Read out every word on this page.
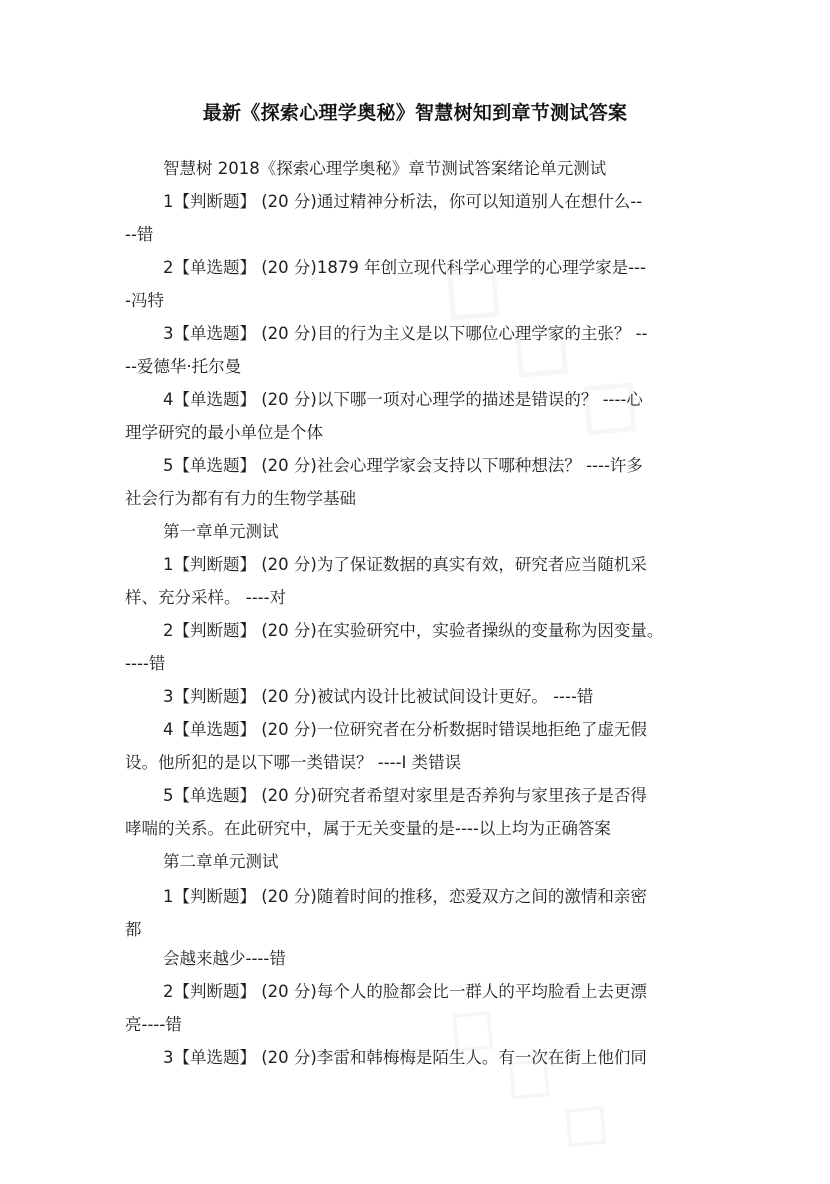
最新《探索心理学奥秘》智慧树知到章节测试答案
智慧树 2018《探索心理学奥秘》章节测试答案绪论单元测试
1【判断题】 (20 分)通过精神分析法，你可以知道别人在想什么--
--错
2【单选题】 (20 分)1879 年创立现代科学心理学的心理学家是---
-冯特
3【单选题】 (20 分)目的行为主义是以下哪位心理学家的主张？ --
--爱德华·托尔曼
4【单选题】 (20 分)以下哪一项对心理学的描述是错误的？ ----心
理学研究的最小单位是个体
5【单选题】 (20 分)社会心理学家会支持以下哪种想法？ ----许多
社会行为都有有力的生物学基础
第一章单元测试
1【判断题】 (20 分)为了保证数据的真实有效，研究者应当随机采
样、充分采样。 ----对
2【判断题】 (20 分)在实验研究中，实验者操纵的变量称为因变量。
----错
3【判断题】 (20 分)被试内设计比被试间设计更好。 ----错
4【单选题】 (20 分)一位研究者在分析数据时错误地拒绝了虚无假
设。他所犯的是以下哪一类错误？ ----I 类错误
5【单选题】 (20 分)研究者希望对家里是否养狗与家里孩子是否得
哮喘的关系。在此研究中，属于无关变量的是----以上均为正确答案
第二章单元测试
1【判断题】 (20 分)随着时间的推移，恋爱双方之间的激情和亲密
都
会越来越少----错
2【判断题】 (20 分)每个人的脸都会比一群人的平均脸看上去更漂
亮----错
3【单选题】 (20 分)李雷和韩梅梅是陌生人。有一次在街上他们同
